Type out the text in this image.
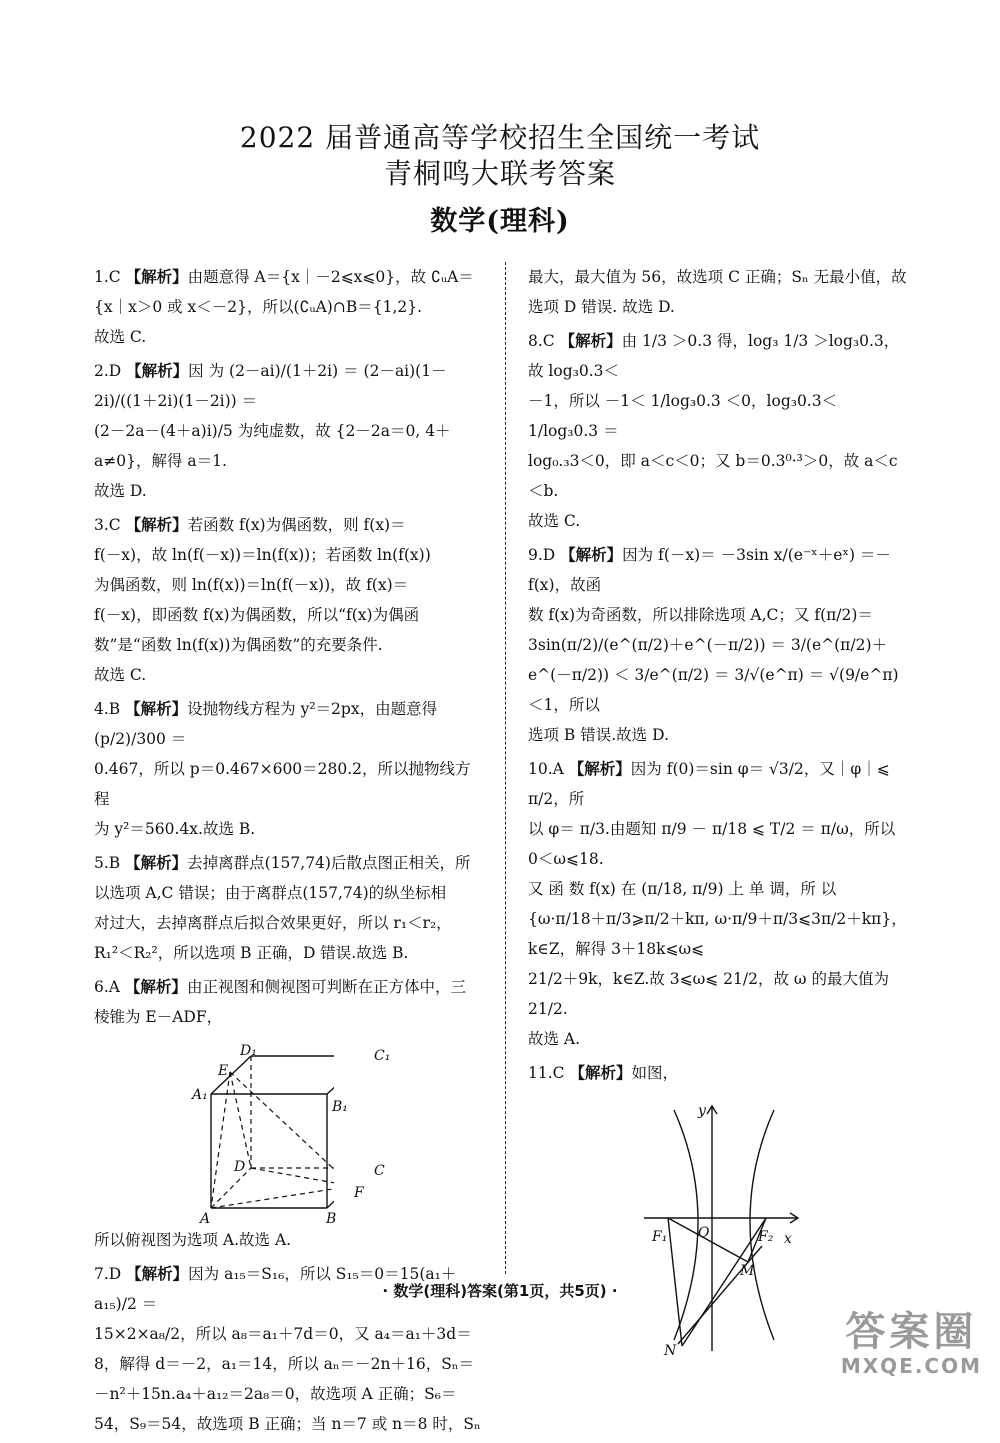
2022 届普通高等学校招生全国统一考试
青桐鸣大联考答案
数学(理科)

1.C 【解析】由题意得 A＝{x｜－2⩽x⩽0}，故 ∁ᵤA＝

{x｜x＞0 或 x＜－2}，所以(∁ᵤA)∩B＝{1,2}.

故选 C.

2.D 【解析】因 为 (2－ai)/(1＋2i) ＝ (2－ai)(1－2i)/((1＋2i)(1－2i)) ＝

(2－2a－(4＋a)i)/5 为纯虚数，故 {2－2a＝0, 4＋a≠0}，解得 a＝1.

故选 D.

3.C 【解析】若函数 f(x)为偶函数，则 f(x)＝

f(－x)，故 ln(f(－x))＝ln(f(x))；若函数 ln(f(x))

为偶函数，则 ln(f(x))＝ln(f(－x))，故 f(x)＝

f(－x)，即函数 f(x)为偶函数，所以“f(x)为偶函

数”是“函数 ln(f(x))为偶函数”的充要条件.

故选 C.

4.B 【解析】设抛物线方程为 y²＝2px，由题意得 (p/2)/300 ＝

0.467，所以 p＝0.467×600＝280.2，所以抛物线方程

为 y²＝560.4x.故选 B.

5.B 【解析】去掉离群点(157,74)后散点图正相关，所

以选项 A,C 错误；由于离群点(157,74)的纵坐标相

对过大，去掉离群点后拟合效果更好，所以 r₁＜r₂，

R₁²＜R₂²，所以选项 B 正确，D 错误.故选 B.

6.A 【解析】由正视图和侧视图可判断在正方体中，三

棱锥为 E－ADF，

D₁	C₁
E
A₁
B₁
D	C
F
A	B

所以俯视图为选项 A.故选 A.

7.D 【解析】因为 a₁₅＝S₁₆，所以 S₁₅＝0＝15(a₁＋a₁₅)/2 ＝

15×2×a₈/2，所以 a₈＝a₁＋7d＝0，又 a₄＝a₁＋3d＝

8，解得 d＝－2，a₁＝14，所以 aₙ＝－2n＋16，Sₙ＝

－n²＋15n.a₄＋a₁₂＝2a₈＝0，故选项 A 正确；S₆＝

54，S₉＝54，故选项 B 正确；当 n＝7 或 n＝8 时，Sₙ

最大，最大值为 56，故选项 C 正确；Sₙ 无最小值，故

选项 D 错误. 故选 D.

8.C 【解析】由 1/3 ＞0.3 得，log₃ 1/3 ＞log₃0.3，故 log₃0.3＜

－1，所以 －1＜ 1/log₃0.3 ＜0，log₃0.3＜ 1/log₃0.3 ＝

log₀.₃3＜0，即 a＜c＜0；又 b＝0.3⁰·³＞0，故 a＜c＜b.

故选 C.

9.D 【解析】因为 f(－x)＝ －3sin x/(e⁻ˣ＋eˣ) ＝－f(x)，故函

数 f(x)为奇函数，所以排除选项 A,C；又 f(π/2)＝

3sin(π/2)/(e^(π/2)＋e^(－π/2)) ＝ 3/(e^(π/2)＋e^(－π/2)) ＜ 3/e^(π/2) ＝ 3/√(e^π) ＝ √(9/e^π) ＜1，所以

选项 B 错误.故选 D.

10.A 【解析】因为 f(0)＝sin φ＝ √3/2，又｜φ｜⩽ π/2，所

以 φ＝ π/3.由题知 π/9 － π/18 ⩽ T/2 ＝ π/ω，所以 0＜ω⩽18.

又 函 数 f(x) 在 (π/18, π/9) 上 单 调，所 以

{ω·π/18＋π/3⩾π/2＋kπ, ω·π/9＋π/3⩽3π/2＋kπ}，k∈Z，解得 3＋18k⩽ω⩽

21/2＋9k，k∈Z.故 3⩽ω⩽ 21/2，故 ω 的最大值为 21/2.

故选 A.

11.C 【解析】如图，

y
F₁ O	F₂ x
M
N
· 数学(理科)答案(第1页，共5页) ·
答案圈
MXQE.COM
